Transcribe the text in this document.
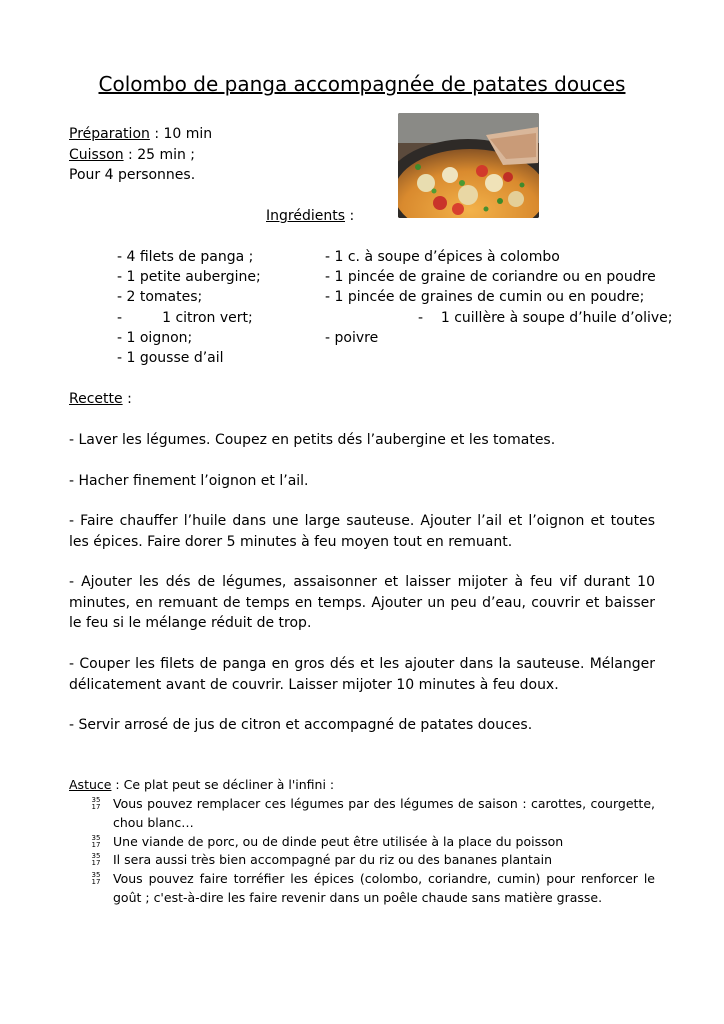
Colombo de panga accompagnée de patates douces
Préparation : 10 min
Cuisson : 25 min ;
Pour 4 personnes.
Ingrédients :
- 4 filets de panga ;
- 1 petite aubergine;
- 2 tomates;
-         1 citron vert;
- 1 oignon;
- 1 gousse d’ail
- 1 c. à soupe d’épices à colombo
- 1 pincée de graine de coriandre ou en poudre
- 1 pincée de graines de cumin ou en poudre;
-    1 cuillère à soupe d’huile d’olive;
- poivre
Recette :
- Laver les légumes. Coupez en petits dés l’aubergine et les tomates.
- Hacher finement l’oignon et l’ail.
- Faire chauffer l’huile dans une large sauteuse. Ajouter l’ail et l’oignon et toutes les épices. Faire dorer 5 minutes à feu moyen tout en remuant.
- Ajouter les dés de légumes, assaisonner et laisser mijoter à feu vif durant 10 minutes, en remuant de temps en temps. Ajouter un peu d’eau, couvrir et baisser le feu si le mélange réduit de trop.
- Couper les filets de panga en gros dés et les ajouter dans la sauteuse. Mélanger délicatement avant de couvrir. Laisser mijoter 10 minutes à feu doux.
- Servir arrosé de jus de citron et accompagné de patates douces.
Astuce : Ce plat peut se décliner à l'infini :
35
17 Vous pouvez remplacer ces légumes par des légumes de saison : carottes, courgette, chou blanc…
35
17 Une viande de porc, ou de dinde peut être utilisée à la place du poisson
35
17 Il sera aussi très bien accompagné par du riz ou des bananes plantain
35
17 Vous pouvez faire torréfier les épices (colombo, coriandre, cumin) pour renforcer le goût ; c'est-à-dire les faire revenir dans un poêle chaude sans matière grasse.
